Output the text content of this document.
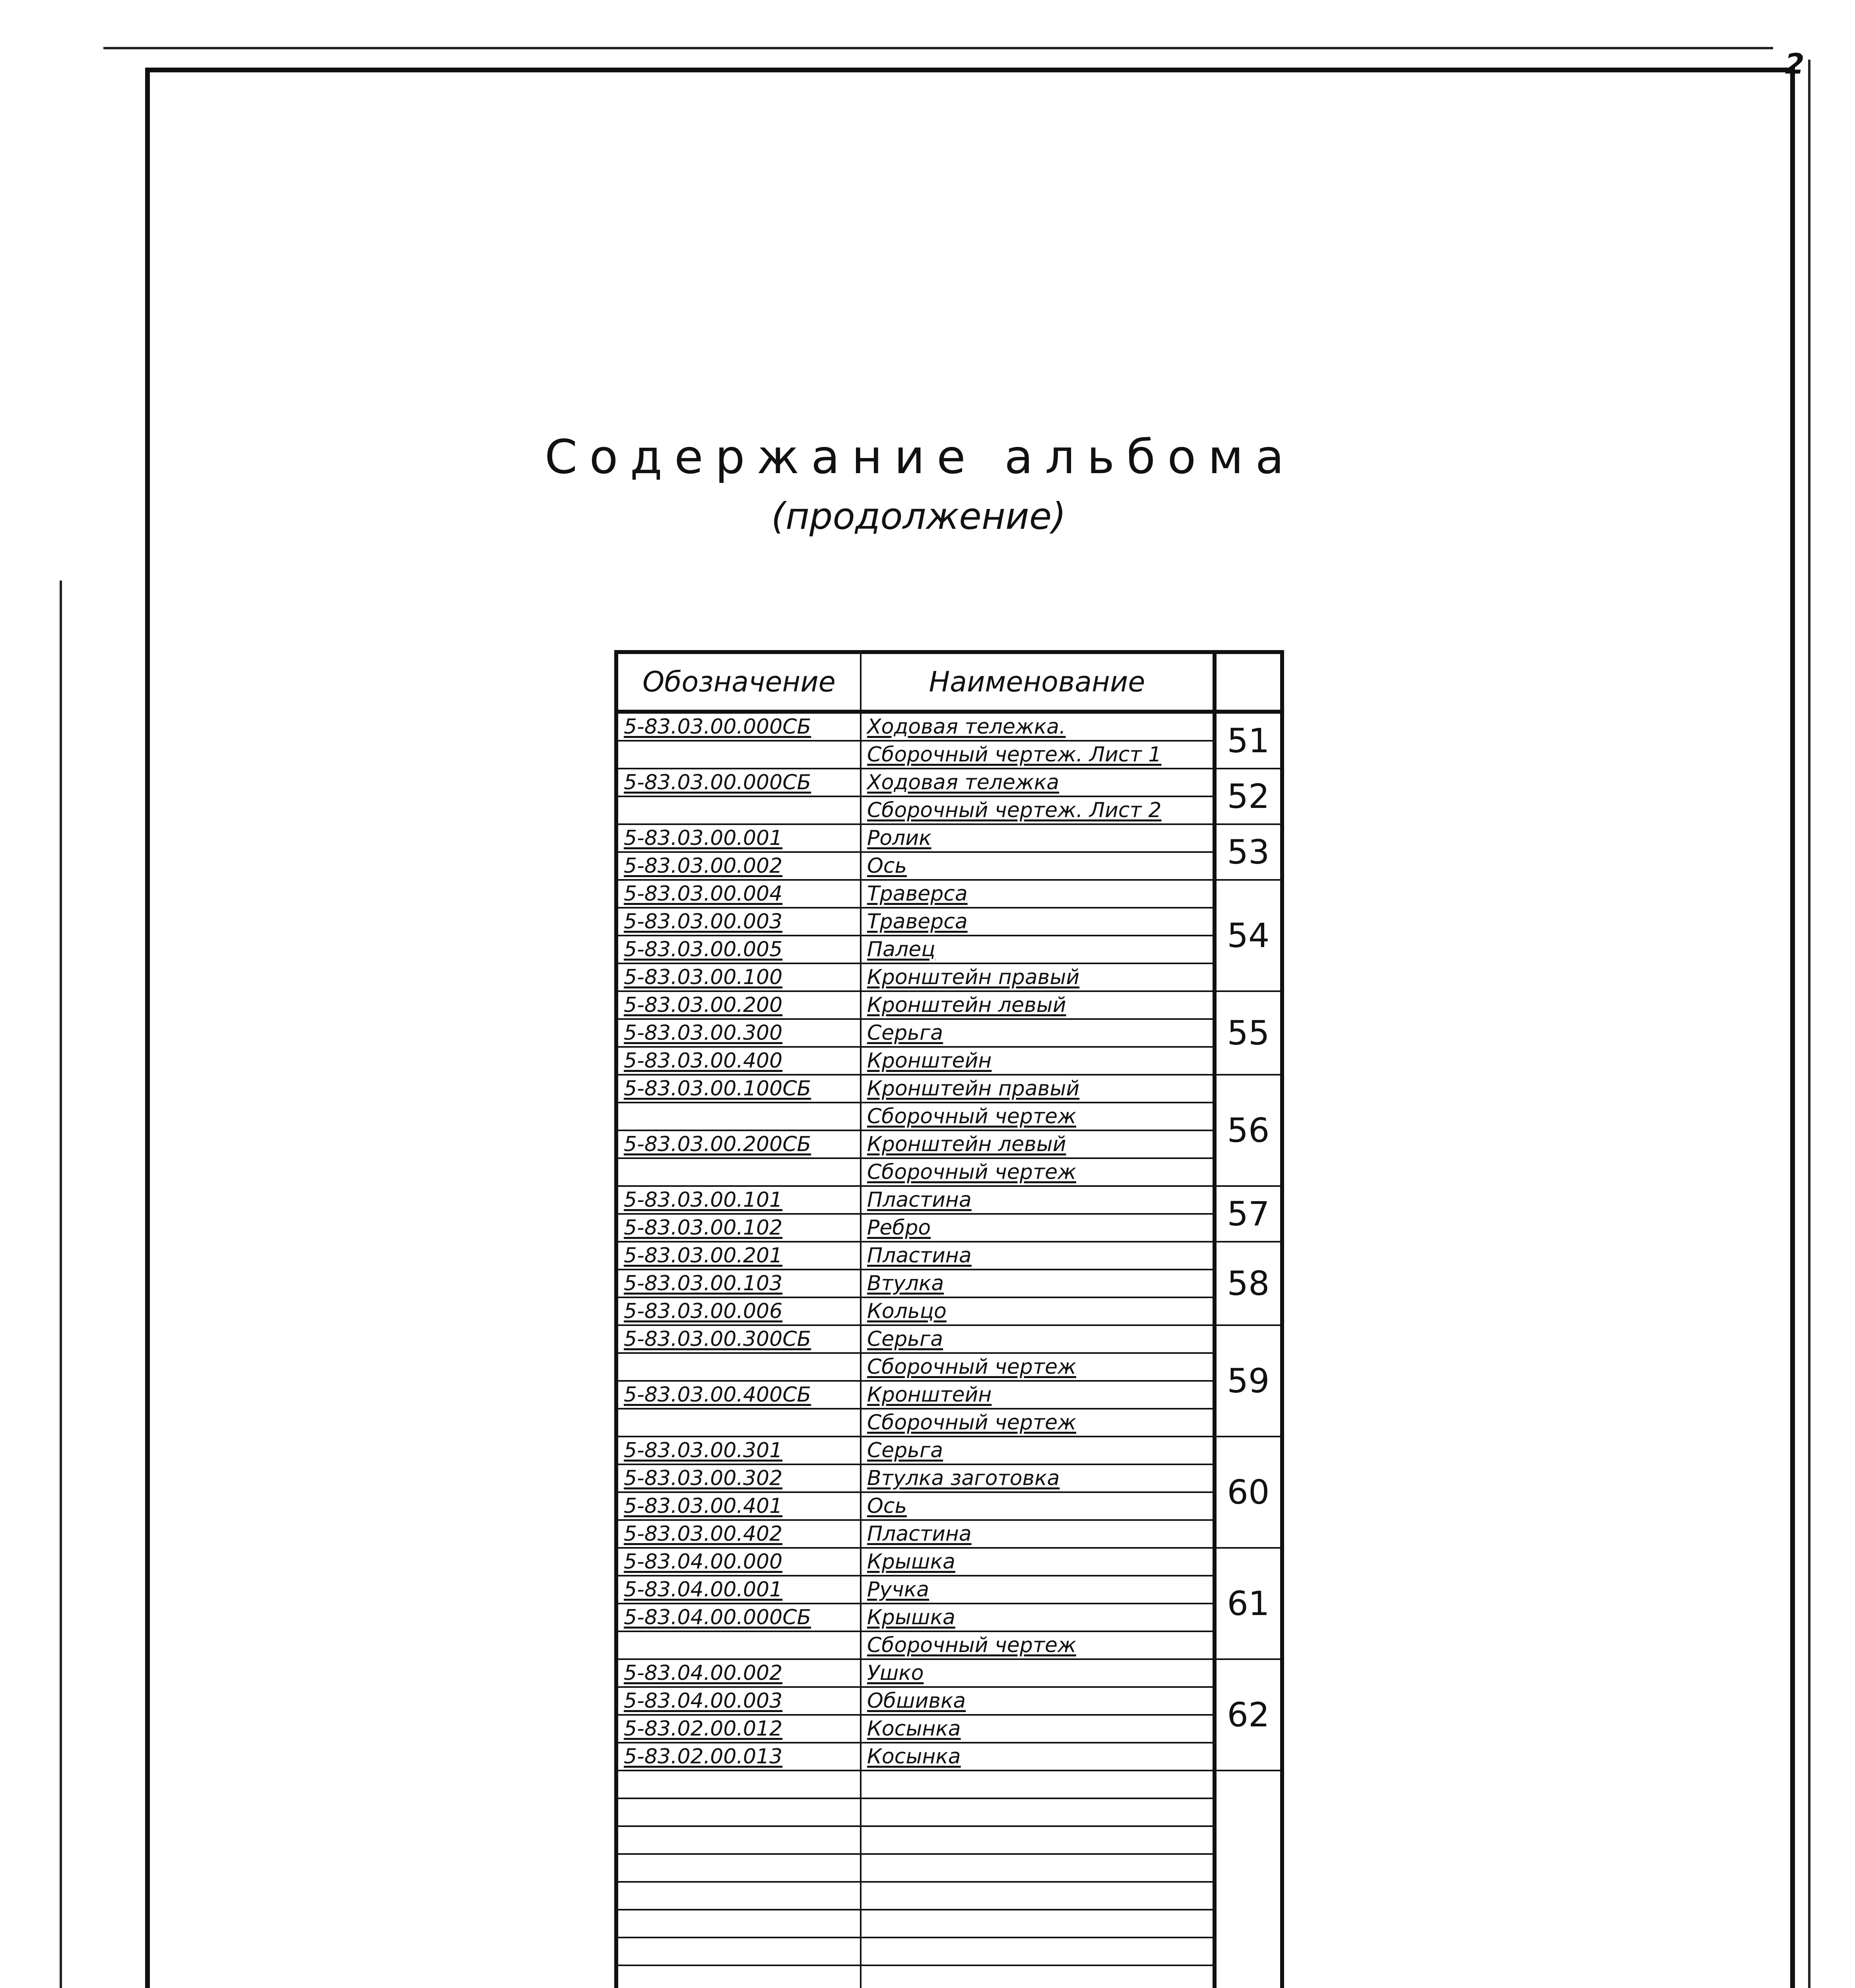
2
Содержание альбома
(продолжение)
Обозначение	Наименование	
5-83.03.00.000СБ	Ходовая тележка.	51
	Сборочный чертеж. Лист 1	
5-83.03.00.000СБ	Ходовая тележка	52
	Сборочный чертеж. Лист 2	
5-83.03.00.001	Ролик	53
5-83.03.00.002	Ось	
5-83.03.00.004	Траверса	54
5-83.03.00.003	Траверса	
5-83.03.00.005	Палец	
5-83.03.00.100	Кронштейн правый	
5-83.03.00.200	Кронштейн левый	55
5-83.03.00.300	Серьга	
5-83.03.00.400	Кронштейн	
5-83.03.00.100СБ	Кронштейн правый	56
	Сборочный чертеж	
5-83.03.00.200СБ	Кронштейн левый	
	Сборочный чертеж	
5-83.03.00.101	Пластина	57
5-83.03.00.102	Ребро	
5-83.03.00.201	Пластина	58
5-83.03.00.103	Втулка	
5-83.03.00.006	Кольцо	
5-83.03.00.300СБ	Серьга	59
	Сборочный чертеж	
5-83.03.00.400СБ	Кронштейн	
	Сборочный чертеж	
5-83.03.00.301	Серьга	60
5-83.03.00.302	Втулка заготовка	
5-83.03.00.401	Ось	
5-83.03.00.402	Пластина	
5-83.04.00.000	Крышка	61
5-83.04.00.001	Ручка	
5-83.04.00.000СБ	Крышка	
	Сборочный чертеж	
5-83.04.00.002	Ушко	62
5-83.04.00.003	Обшивка	
5-83.02.00.012	Косынка	
5-83.02.00.013	Косынка	
